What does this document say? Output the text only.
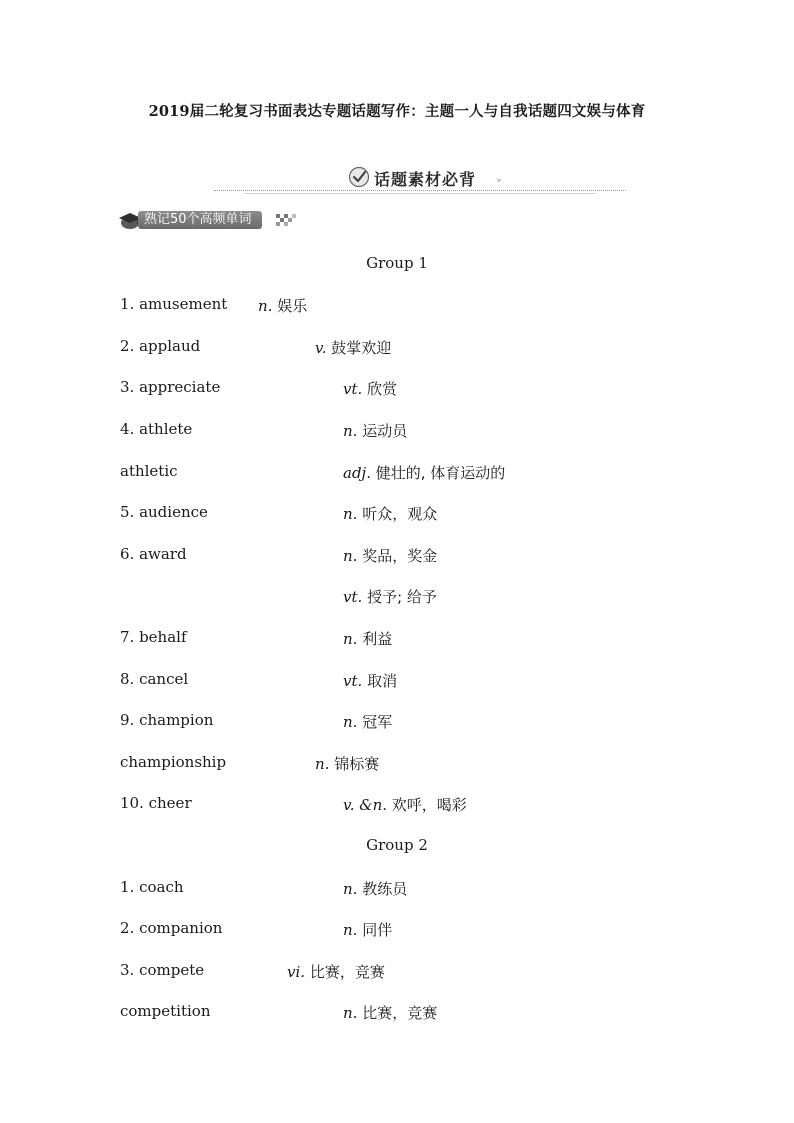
2019届二轮复习书面表达专题话题写作：主题一人与自我话题四文娱与体育
话题素材必背 »
熟记50个高频单词
Group 1
1. amusement n. 娱乐
2. applaud	v. 鼓掌欢迎
3. appreciate	vt. 欣赏
4. athlete	n. 运动员
athletic	adj. 健壮的, 体育运动的
5. audience	n. 听众，观众
6. award	n. 奖品，奖金
vt. 授予; 给予
7. behalf	n. 利益
8. cancel	vt. 取消
9. champion	n. 冠军
championship	n. 锦标赛
10. cheer	v. &n. 欢呼，喝彩
Group 2
1. coach	n. 教练员
2. companion	n. 同伴
3. compete	vi. 比赛，竞赛
competition	n. 比赛，竞赛
